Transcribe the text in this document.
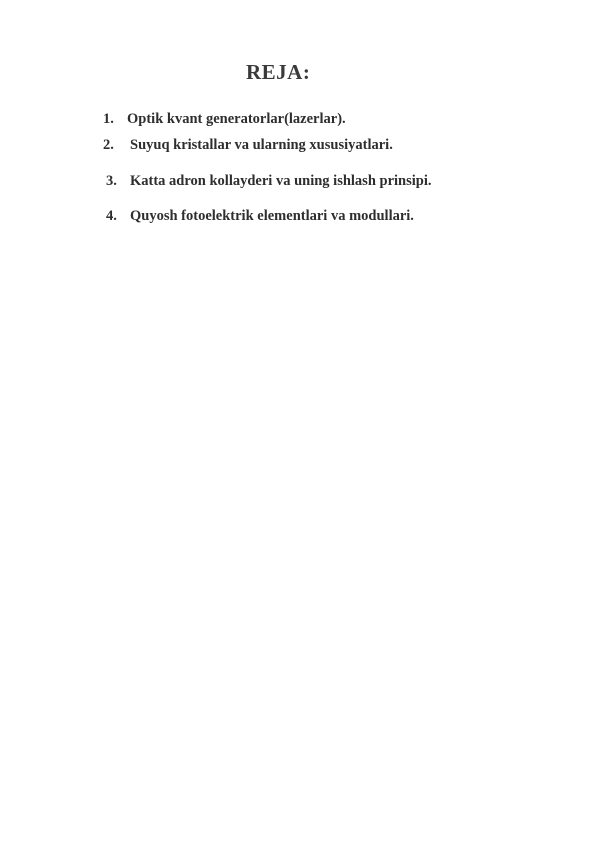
REJA:
1. Optik kvant generatorlar(lazerlar).
2. Suyuq kristallar va ularning xususiyatlari.
3. Katta adron kollayderi va uning ishlash prinsipi.
4. Quyosh fotoelektrik elementlari va modullari.
